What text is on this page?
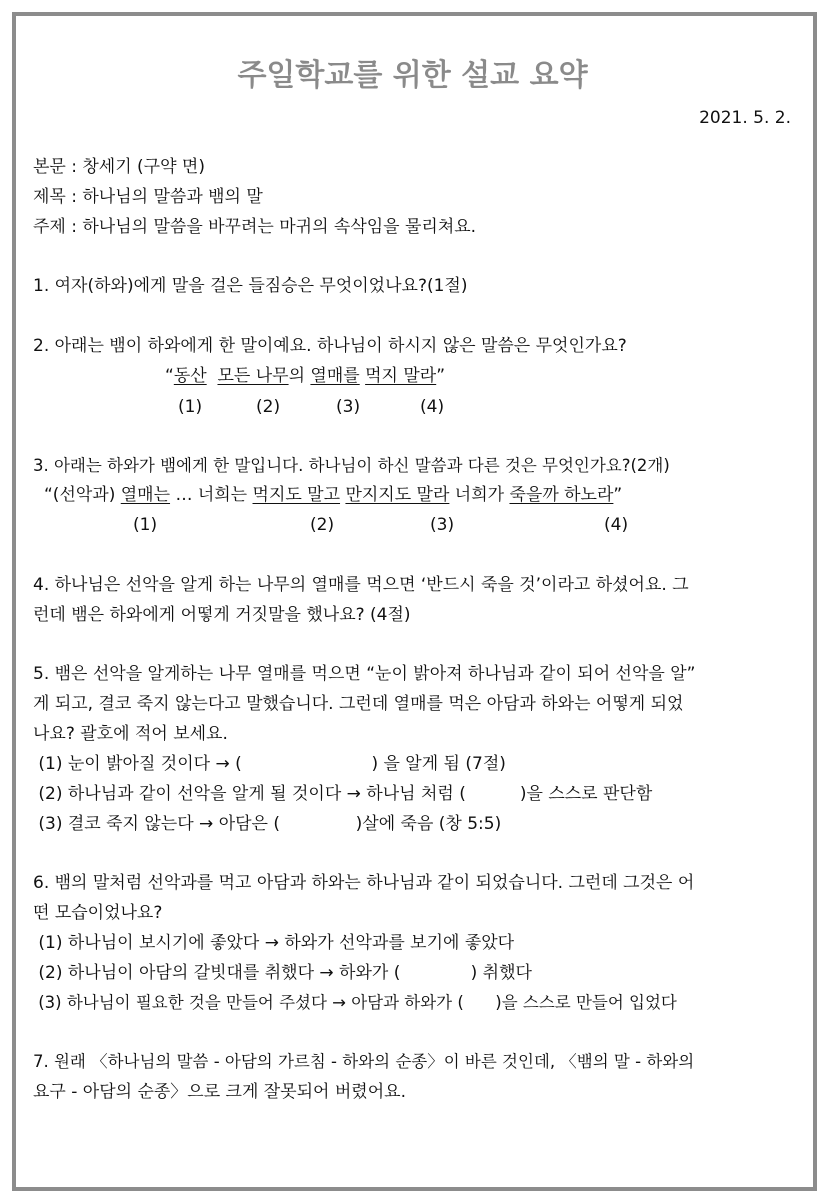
주일학교를 위한 설교 요약
2021. 5. 2.
본문 : 창세기 (구약 면)
제목 : 하나님의 말씀과 뱀의 말
주제 : 하나님의 말씀을 바꾸려는 마귀의 속삭임을 물리쳐요.
1. 여자(하와)에게 말을 걸은 들짐승은 무엇이었나요?(1절)
2. 아래는 뱀이 하와에게 한 말이예요. 하나님이 하시지 않은 말씀은 무엇인가요?
“동산 모든 나무의 열매를 먹지 말라”
(1)	(2)	(3)	(4)
3. 아래는 하와가 뱀에게 한 말입니다. 하나님이 하신 말씀과 다른 것은 무엇인가요?(2개)
“(선악과) 열매는 … 너희는 먹지도 말고 만지지도 말라 너희가 죽을까 하노라”
(1)	(2)	(3)	(4)
4. 하나님은 선악을 알게 하는 나무의 열매를 먹으면 ‘반드시 죽을 것’이라고 하셨어요. 그
런데 뱀은 하와에게 어떻게 거짓말을 했나요? (4절)
5. 뱀은 선악을 알게하는 나무 열매를 먹으면 “눈이 밝아져 하나님과 같이 되어 선악을 알”
게 되고, 결코 죽지 않는다고 말했습니다. 그런데 열매를 먹은 아담과 하와는 어떻게 되었
나요? 괄호에 적어 보세요.
(1) 눈이 밝아질 것이다 → (                        ) 을 알게 됨 (7절)
(2) 하나님과 같이 선악을 알게 될 것이다 → 하나님 처럼 (          )을 스스로 판단함
(3) 결코 죽지 않는다 → 아담은 (              )살에 죽음 (창 5:5)
6. 뱀의 말처럼 선악과를 먹고 아담과 하와는 하나님과 같이 되었습니다. 그런데 그것은 어
떤 모습이었나요?
(1) 하나님이 보시기에 좋았다 → 하와가 선악과를 보기에 좋았다
(2) 하나님이 아담의 갈빗대를 취했다 → 하와가 (             ) 취했다
(3) 하나님이 필요한 것을 만들어 주셨다 → 아담과 하와가 (      )을 스스로 만들어 입었다
7. 원래 〈하나님의 말씀 - 아담의 가르침 - 하와의 순종〉이 바른 것인데, 〈뱀의 말 - 하와의
요구 - 아담의 순종〉으로 크게 잘못되어 버렸어요.
